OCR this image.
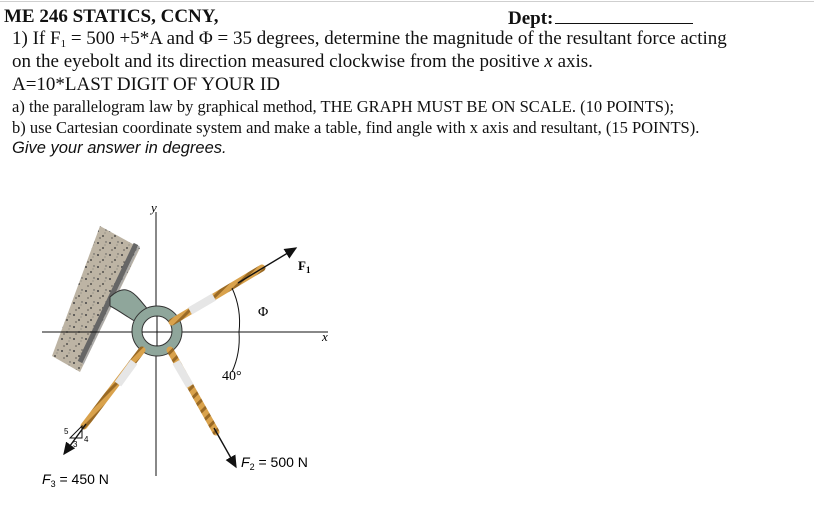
ME 246 STATICS, CCNY,	Dept:
1) If $F_1 = 500 +5*A$ and Φ = 35 degrees, determine the magnitude of the resultant force acting
on the eyebolt and its direction measured clockwise from the positive x axis.
A=10*LAST DIGIT OF YOUR ID
a) the parallelogram law by graphical method, THE GRAPH MUST BE ON SCALE. (10 POINTS);
b) use Cartesian coordinate system and make a table, find angle with x axis and resultant, (15 POINTS).
Give your answer in degrees.
y
x
$F_1$
Φ
40°
$F_2 = 500$ N
5
4
3
$F_3 = 450$ N
